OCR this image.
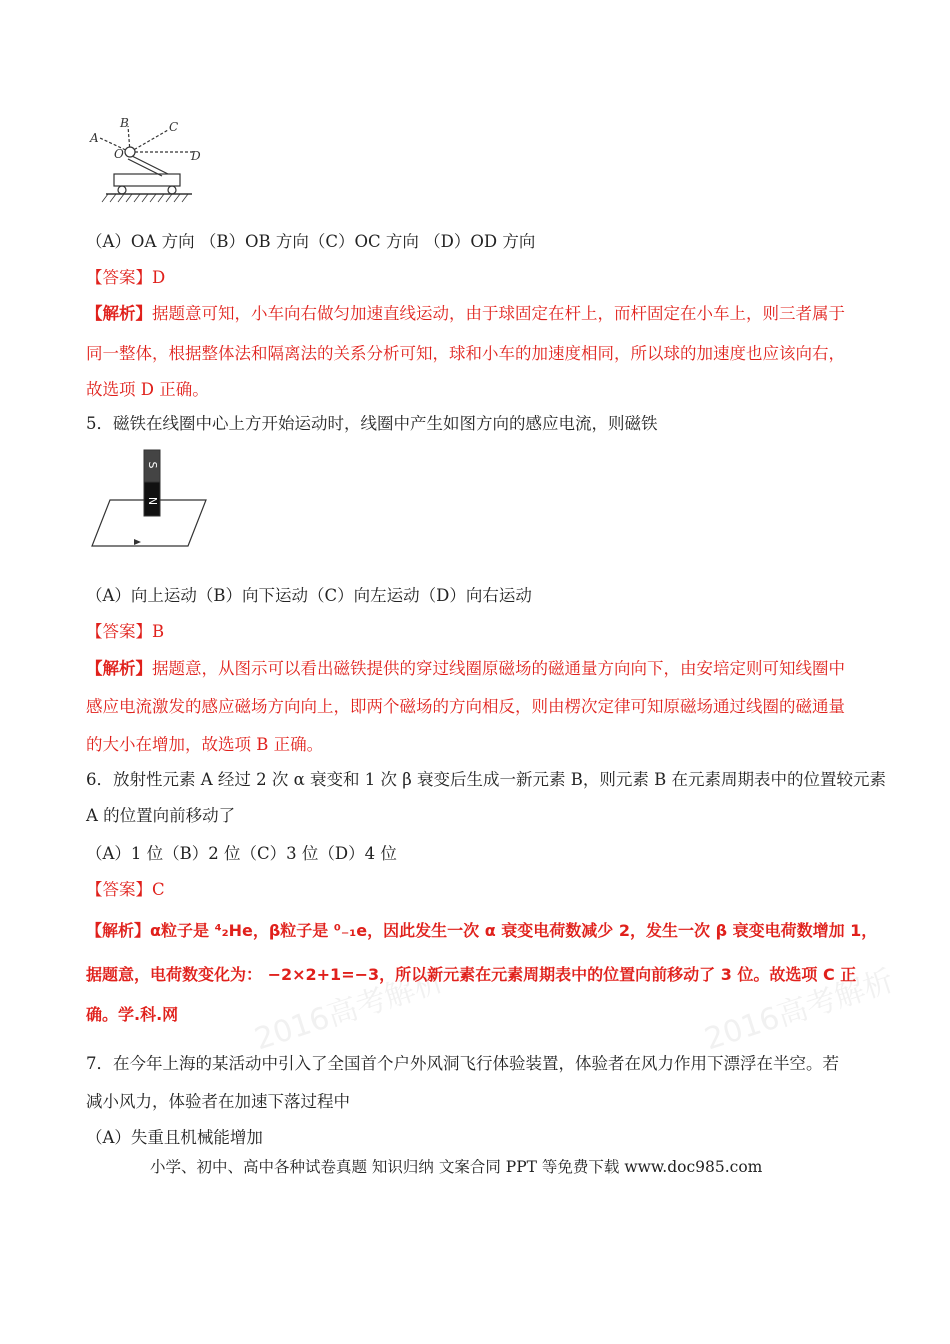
A
B	C
O	D
（A）OA 方向 （B）OB 方向（C）OC 方向 （D）OD 方向
【答案】D
【解析】据题意可知，小车向右做匀加速直线运动，由于球固定在杆上，而杆固定在小车上，则三者属于
同一整体，根据整体法和隔离法的关系分析可知，球和小车的加速度相同，所以球的加速度也应该向右，
故选项 D 正确。
5．磁铁在线圈中心上方开始运动时，线圈中产生如图方向的感应电流，则磁铁
S
N
（A）向上运动（B）向下运动（C）向左运动（D）向右运动
【答案】B
【解析】据题意，从图示可以看出磁铁提供的穿过线圈原磁场的磁通量方向向下，由安培定则可知线圈中
感应电流激发的感应磁场方向向上，即两个磁场的方向相反，则由楞次定律可知原磁场通过线圈的磁通量
的大小在增加，故选项 B 正确。
6．放射性元素 A 经过 2 次 α 衰变和 1 次 β 衰变后生成一新元素 B，则元素 B 在元素周期表中的位置较元素
A 的位置向前移动了
（A）1 位（B）2 位（C）3 位（D）4 位
【答案】C
2016高考解析	2016高考解析
【解析】α粒子是 ⁴₂He，β粒子是 ⁰₋₁e，因此发生一次 α 衰变电荷数减少 2，发生一次 β 衰变电荷数增加 1，
据题意，电荷数变化为： −2×2+1=−3，所以新元素在元素周期表中的位置向前移动了 3 位。故选项 C 正
确。学.科.网
7．在今年上海的某活动中引入了全国首个户外风洞飞行体验装置，体验者在风力作用下漂浮在半空。若
减小风力，体验者在加速下落过程中
（A）失重且机械能增加
小学、初中、高中各种试卷真题 知识归纳 文案合同 PPT 等免费下载 www.doc985.com
